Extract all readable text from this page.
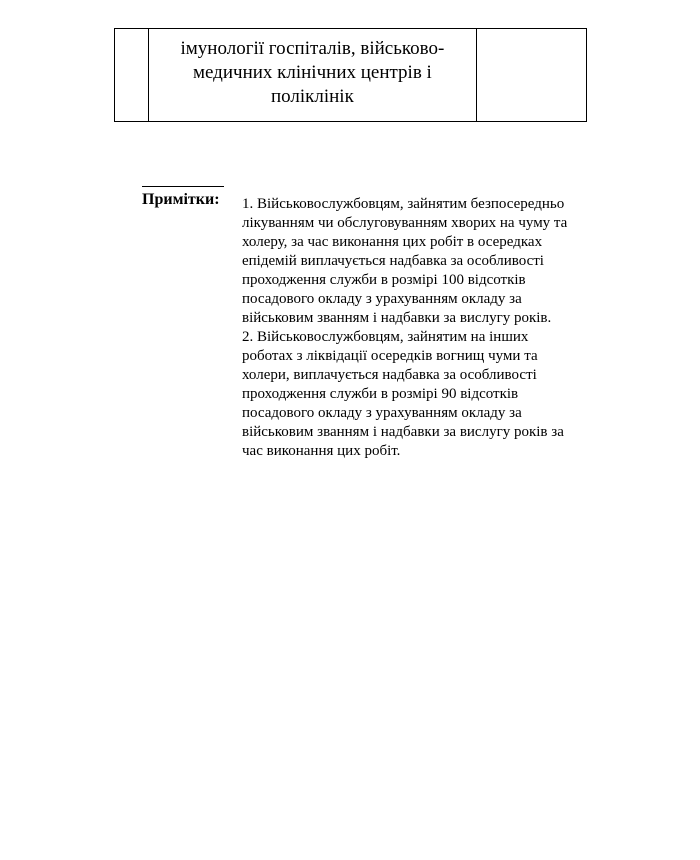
імунології госпіталів, військово-
медичних клінічних центрів і
поліклінік

Примітки: 1. Військовослужбовцям, зайнятим безпосередньо
лікуванням чи обслуговуванням хворих на чуму та
холеру, за час виконання цих робіт в осередках
епідемій виплачується надбавка за особливості
проходження служби в розмірі 100 відсотків
посадового окладу з урахуванням окладу за
військовим званням і надбавки за вислугу років.
2. Військовослужбовцям, зайнятим на інших
роботах з ліквідації осередків вогнищ чуми та
холери, виплачується надбавка за особливості
проходження служби в розмірі 90 відсотків
посадового окладу з урахуванням окладу за
військовим званням і надбавки за вислугу років за
час виконання цих робіт.
